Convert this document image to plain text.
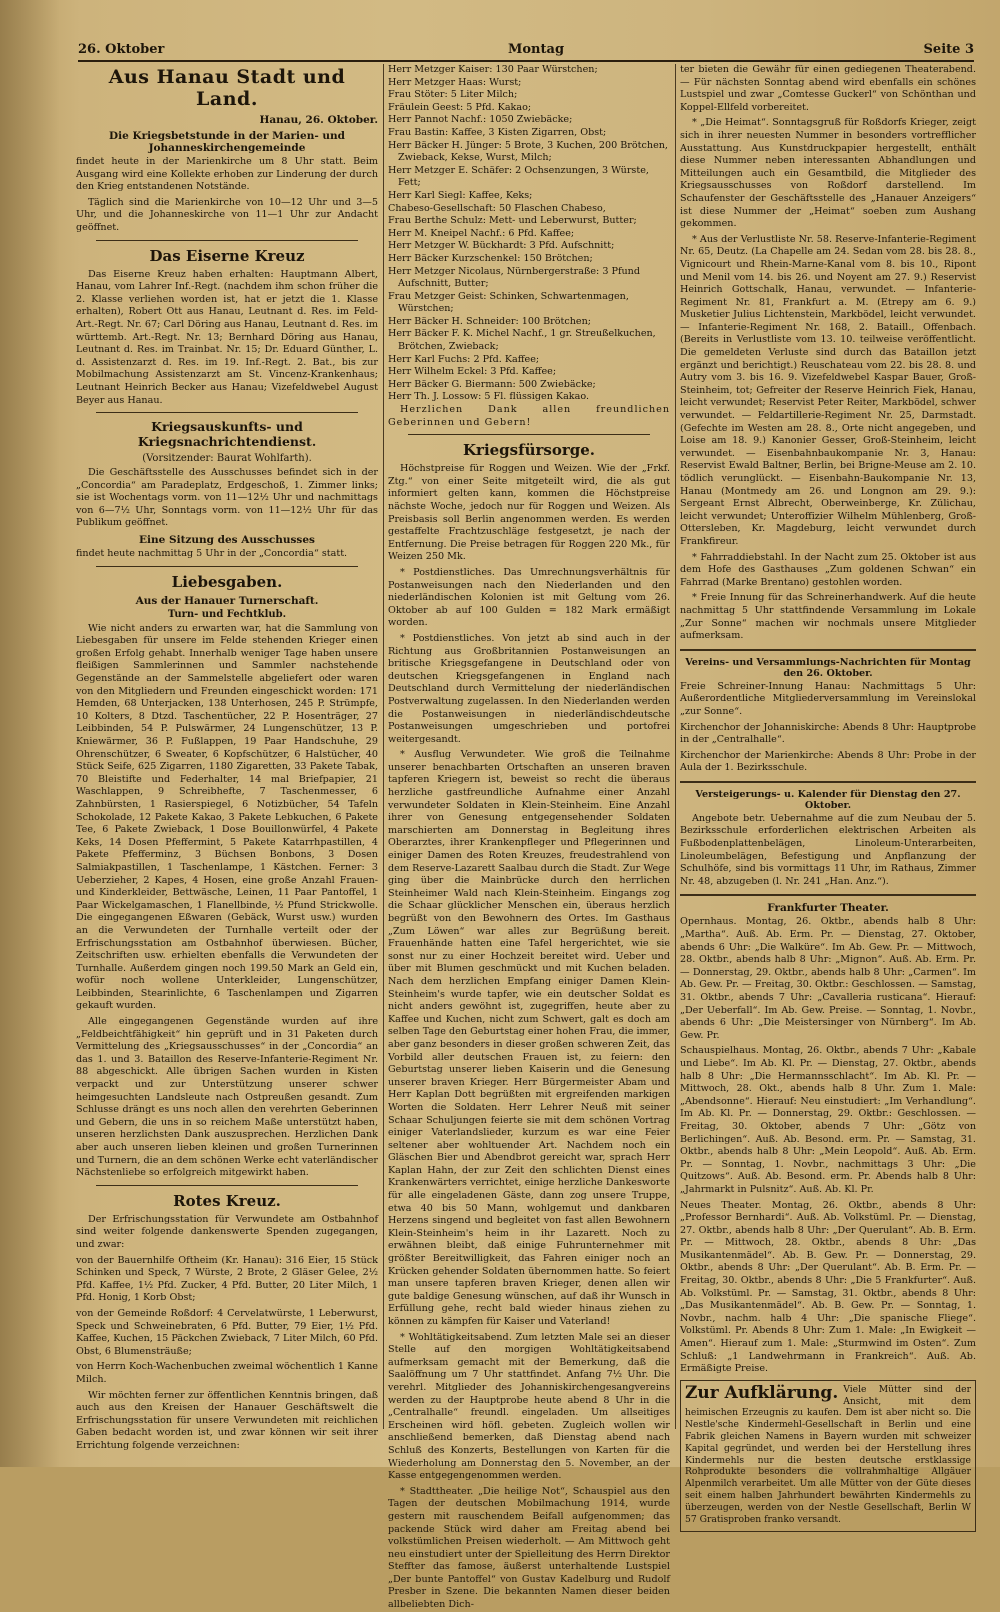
26. Oktober	Montag	Seite 3
Aus Hanau Stadt und Land.
Hanau, 26. Oktober.
Die Kriegsbetstunde in der Marien- und Johanneskirchengemeinde

findet heute in der Marienkirche um 8 Uhr statt. Beim Ausgang wird eine Kollekte erhoben zur Linderung der durch den Krieg entstandenen Notstände.

Täglich sind die Marienkirche von 10—12 Uhr und 3—5 Uhr, und die Johanneskirche von 11—1 Uhr zur Andacht geöffnet.

Das Eiserne Kreuz

Das Eiserne Kreuz haben erhalten: Hauptmann Albert, Hanau, vom Lahrer Inf.-Regt. (nachdem ihm schon früher die 2. Klasse verliehen worden ist, hat er jetzt die 1. Klasse erhalten), Robert Ott aus Hanau, Leutnant d. Res. im Feld-Art.-Regt. Nr. 67; Carl Döring aus Hanau, Leutnant d. Res. im württemb. Art.-Regt. Nr. 13; Bernhard Döring aus Hanau, Leutnant d. Res. im Trainbat. Nr. 15; Dr. Eduard Günther, L. d. Assistenzarzt d. Res. im 19. Inf.-Regt. 2. Bat., bis zur Mobilmachung Assistenzarzt am St. Vincenz-Krankenhaus; Leutnant Heinrich Becker aus Hanau; Vizefeldwebel August Beyer aus Hanau.

Kriegsauskunfts- und Kriegsnachrichtendienst.
(Vorsitzender: Baurat Wohlfarth).

Die Geschäftsstelle des Ausschusses befindet sich in der „Concordia“ am Paradeplatz, Erdgeschoß, 1. Zimmer links; sie ist Wochentags vorm. von 11—12½ Uhr und nachmittags von 6—7½ Uhr, Sonntags vorm. von 11—12½ Uhr für das Publikum geöffnet.

Eine Sitzung des Ausschusses

findet heute nachmittag 5 Uhr in der „Concordia“ statt.

Liebesgaben.
Aus der Hanauer Turnerschaft.
Turn- und Fechtklub.

Wie nicht anders zu erwarten war, hat die Sammlung von Liebesgaben für unsere im Felde stehenden Krieger einen großen Erfolg gehabt. Innerhalb weniger Tage haben unsere fleißigen Sammlerinnen und Sammler nachstehende Gegenstände an der Sammelstelle abgeliefert oder waren von den Mitgliedern und Freunden eingeschickt worden: 171 Hemden, 68 Unterjacken, 138 Unterhosen, 245 P. Strümpfe, 10 Kolters, 8 Dtzd. Taschentücher, 22 P. Hosenträger, 27 Leibbinden, 54 P. Pulswärmer, 24 Lungenschützer, 13 P. Kniewärmer, 36 P. Fußlappen, 19 Paar Handschuhe, 29 Ohrenschützer, 6 Sweater, 6 Kopfschützer, 6 Halstücher, 40 Stück Seife, 625 Zigarren, 1180 Zigaretten, 33 Pakete Tabak, 70 Bleistifte und Federhalter, 14 mal Briefpapier, 21 Waschlappen, 9 Schreibhefte, 7 Taschenmesser, 6 Zahnbürsten, 1 Rasierspiegel, 6 Notizbücher, 54 Tafeln Schokolade, 12 Pakete Kakao, 3 Pakete Lebkuchen, 6 Pakete Tee, 6 Pakete Zwieback, 1 Dose Bouillonwürfel, 4 Pakete Keks, 14 Dosen Pfeffermint, 5 Pakete Katarrhpastillen, 4 Pakete Pfefferminz, 3 Büchsen Bonbons, 3 Dosen Salmiakpastillen, 1 Taschenlampe, 1 Kästchen. Ferner: 3 Ueberzieher, 2 Kapes, 4 Hosen, eine große Anzahl Frauen- und Kinderkleider, Bettwäsche, Leinen, 11 Paar Pantoffel, 1 Paar Wickelgamaschen, 1 Flanellbinde, ½ Pfund Strickwolle. Die eingegangenen Eßwaren (Gebäck, Wurst usw.) wurden an die Verwundeten der Turnhalle verteilt oder der Erfrischungsstation am Ostbahnhof überwiesen. Bücher, Zeitschriften usw. erhielten ebenfalls die Verwundeten der Turnhalle. Außerdem gingen noch 199.50 Mark an Geld ein, wofür noch wollene Unterkleider, Lungenschützer, Leibbinden, Stearinlichte, 6 Taschenlampen und Zigarren gekauft wurden.

Alle eingegangenen Gegenstände wurden auf ihre „Feldbeichtfähigkeit“ hin geprüft und in 31 Paketen durch Vermittelung des „Kriegsausschusses“ in der „Concordia“ an das 1. und 3. Bataillon des Reserve-Infanterie-Regiment Nr. 88 abgeschickt. Alle übrigen Sachen wurden in Kisten verpackt und zur Unterstützung unserer schwer heimgesuchten Landsleute nach Ostpreußen gesandt. Zum Schlusse drängt es uns noch allen den verehrten Geberinnen und Gebern, die uns in so reichem Maße unterstützt haben, unseren herzlichsten Dank auszusprechen. Herzlichen Dank aber auch unseren lieben kleinen und großen Turnerinnen und Turnern, die an dem schönen Werke echt vaterländischer Nächstenliebe so erfolgreich mitgewirkt haben.

Rotes Kreuz.

Der Erfrischungsstation für Verwundete am Ostbahnhof sind weiter folgende dankenswerte Spenden zugegangen, und zwar:

von der Bauernhilfe Oftheim (Kr. Hanau): 316 Eier, 15 Stück Schinken und Speck, 7 Würste, 2 Brote, 2 Gläser Gelee, 2½ Pfd. Kaffee, 1½ Pfd. Zucker, 4 Pfd. Butter, 20 Liter Milch, 1 Pfd. Honig, 1 Korb Obst;

von der Gemeinde Roßdorf: 4 Cervelatwürste, 1 Leberwurst, Speck und Schweinebraten, 6 Pfd. Butter, 79 Eier, 1½ Pfd. Kaffee, Kuchen, 15 Päckchen Zwieback, 7 Liter Milch, 60 Pfd. Obst, 6 Blumensträuße;

von Herrn Koch-Wachenbuchen zweimal wöchentlich 1 Kanne Milch.

Wir möchten ferner zur öffentlichen Kenntnis bringen, daß auch aus den Kreisen der Hanauer Geschäftswelt die Erfrischungsstation für unsere Verwundeten mit reichlichen Gaben bedacht worden ist, und zwar können wir seit ihrer Errichtung folgende verzeichnen:

Herr Metzger Kaiser: 130 Paar Würstchen;

Herr Metzger Haas: Wurst;

Frau Stöter: 5 Liter Milch;

Fräulein Geest: 5 Pfd. Kakao;

Herr Pannot Nachf.: 1050 Zwiebäcke;

Frau Bastin: Kaffee, 3 Kisten Zigarren, Obst;

Herr Bäcker H. Jünger: 5 Brote, 3 Kuchen, 200 Brötchen, Zwieback, Kekse, Wurst, Milch;

Herr Metzger E. Schäfer: 2 Ochsenzungen, 3 Würste, Fett;

Herr Karl Siegl: Kaffee, Keks;

Chabeso-Gesellschaft: 50 Flaschen Chabeso,

Frau Berthe Schulz: Mett- und Leberwurst, Butter;

Herr M. Kneipel Nachf.: 6 Pfd. Kaffee;

Herr Metzger W. Bückhardt: 3 Pfd. Aufschnitt;

Herr Bäcker Kurzschenkel: 150 Brötchen;

Herr Metzger Nicolaus, Nürnbergerstraße: 3 Pfund Aufschnitt, Butter;

Frau Metzger Geist: Schinken, Schwartenmagen, Würstchen;

Herr Bäcker H. Schneider: 100 Brötchen;

Herr Bäcker F. K. Michel Nachf., 1 gr. Streußelkuchen, Brötchen, Zwieback;

Herr Karl Fuchs: 2 Pfd. Kaffee;

Herr Wilhelm Eckel: 3 Pfd. Kaffee;

Herr Bäcker G. Biermann: 500 Zwiebäcke;

Herr Th. J. Lossow: 5 Fl. flüssigen Kakao.

Herzlichen Dank allen freundlichen Geberinnen und Gebern!

Kriegsfürsorge.

Höchstpreise für Roggen und Weizen. Wie der „Frkf. Ztg.“ von einer Seite mitgeteilt wird, die als gut informiert gelten kann, kommen die Höchstpreise nächste Woche, jedoch nur für Roggen und Weizen. Als Preisbasis soll Berlin angenommen werden. Es werden gestaffelte Frachtzuschläge festgesetzt, je nach der Entfernung. Die Preise betragen für Roggen 220 Mk., für Weizen 250 Mk.

* Postdienstliches. Das Umrechnungsverhältnis für Postanweisungen nach den Niederlanden und den niederländischen Kolonien ist mit Geltung vom 26. Oktober ab auf 100 Gulden = 182 Mark ermäßigt worden.

* Postdienstliches. Von jetzt ab sind auch in der Richtung aus Großbritannien Postanweisungen an britische Kriegsgefangene in Deutschland oder von deutschen Kriegsgefangenen in England nach Deutschland durch Vermittelung der niederländischen Postverwaltung zugelassen. In den Niederlanden werden die Postanweisungen in niederländischdeutsche Postanweisungen umgeschrieben und portofrei weitergesandt.

* Ausflug Verwundeter. Wie groß die Teilnahme unserer benachbarten Ortschaften an unseren braven tapferen Kriegern ist, beweist so recht die überaus herzliche gastfreundliche Aufnahme einer Anzahl verwundeter Soldaten in Klein-Steinheim. Eine Anzahl ihrer von Genesung entgegensehender Soldaten marschierten am Donnerstag in Begleitung ihres Oberarztes, ihrer Krankenpfleger und Pflegerinnen und einiger Damen des Roten Kreuzes, freudestrahlend von dem Reserve-Lazarett Saalbau durch die Stadt. Zur Wege ging über die Mainbrücke durch den herrlichen Steinheimer Wald nach Klein-Steinheim. Eingangs zog die Schaar glücklicher Menschen ein, überaus herzlich begrüßt von den Bewohnern des Ortes. Im Gasthaus „Zum Löwen“ war alles zur Begrüßung bereit. Frauenhände hatten eine Tafel hergerichtet, wie sie sonst nur zu einer Hochzeit bereitet wird. Ueber und über mit Blumen geschmückt und mit Kuchen beladen. Nach dem herzlichen Empfang einiger Damen Klein-Steinheim's wurde tapfer, wie ein deutscher Soldat es nicht anders gewöhnt ist, zugegriffen, heute aber zu Kaffee und Kuchen, nicht zum Schwert, galt es doch am selben Tage den Geburtstag einer hohen Frau, die immer, aber ganz besonders in dieser großen schweren Zeit, das Vorbild aller deutschen Frauen ist, zu feiern: den Geburtstag unserer lieben Kaiserin und die Genesung unserer braven Krieger. Herr Bürgermeister Abam und Herr Kaplan Dott begrüßten mit ergreifenden markigen Worten die Soldaten. Herr Lehrer Neuß mit seiner Schaar Schuljungen feierte sie mit dem schönen Vortrag einiger Vaterlandslieder, kurzum es war eine Feier seltener aber wohltuender Art. Nachdem noch ein Gläschen Bier und Abendbrot gereicht war, sprach Herr Kaplan Hahn, der zur Zeit den schlichten Dienst eines Krankenwärters verrichtet, einige herzliche Dankesworte für alle eingeladenen Gäste, dann zog unsere Truppe, etwa 40 bis 50 Mann, wohlgemut und dankbaren Herzens singend und begleitet von fast allen Bewohnern Klein-Steinheim's heim in ihr Lazarett. Noch zu erwähnen bleibt, daß einige Fuhrunternehmer mit größter Bereitwilligkeit, das Fahren einiger noch an Krücken gehender Soldaten übernommen hatte. So feiert man unsere tapferen braven Krieger, denen allen wir gute baldige Genesung wünschen, auf daß ihr Wunsch in Erfüllung gehe, recht bald wieder hinaus ziehen zu können zu kämpfen für Kaiser und Vaterland!

* Wohltätigkeitsabend. Zum letzten Male sei an dieser Stelle auf den morgigen Wohltätigkeitsabend aufmerksam gemacht mit der Bemerkung, daß die Saalöffnung um 7 Uhr stattfindet. Anfang 7½ Uhr. Die verehrl. Mitglieder des Johanniskirchengesangvereins werden zu der Hauptprobe heute abend 8 Uhr in die „Centralhalle“ freundl. eingeladen. Um allseitiges Erscheinen wird höfl. gebeten. Zugleich wollen wir anschließend bemerken, daß Dienstag abend nach Schluß des Konzerts, Bestellungen von Karten für die Wiederholung am Donnerstag den 5. November, an der Kasse entgegengenommen werden.

* Stadttheater. „Die heilige Not“, Schauspiel aus den Tagen der deutschen Mobilmachung 1914, wurde gestern mit rauschendem Beifall aufgenommen; das packende Stück wird daher am Freitag abend bei volkstümlichen Preisen wiederholt. — Am Mittwoch geht neu einstudiert unter der Spielleitung des Herrn Direktor Steffter das famose, äußerst unterhaltende Lustspiel „Der bunte Pantoffel“ von Gustav Kadelburg und Rudolf Presber in Szene. Die bekannten Namen dieser beiden allbeliebten Dich-

ter bieten die Gewähr für einen gediegenen Theaterabend. — Für nächsten Sonntag abend wird ebenfalls ein schönes Lustspiel und zwar „Comtesse Guckerl“ von Schönthan und Koppel-Ellfeld vorbereitet.

* „Die Heimat“. Sonntagsgruß für Roßdorfs Krieger, zeigt sich in ihrer neuesten Nummer in besonders vortrefflicher Ausstattung. Aus Kunstdruckpapier hergestellt, enthält diese Nummer neben interessanten Abhandlungen und Mitteilungen auch ein Gesamtbild, die Mitglieder des Kriegsausschusses von Roßdorf darstellend. Im Schaufenster der Geschäftsstelle des „Hanauer Anzeigers“ ist diese Nummer der „Heimat“ soeben zum Aushang gekommen.

* Aus der Verlustliste Nr. 58. Reserve-Infanterie-Regiment Nr. 65, Deutz. (La Chapelle am 24. Sedan vom 28. bis 28. 8., Vignicourt und Rhein-Marne-Kanal vom 8. bis 10., Ripont und Menil vom 14. bis 26. und Noyent am 27. 9.) Reservist Heinrich Gottschalk, Hanau, verwundet. — Infanterie-Regiment Nr. 81, Frankfurt a. M. (Etrepy am 6. 9.) Musketier Julius Lichtenstein, Markbödel, leicht verwundet. — Infanterie-Regiment Nr. 168, 2. Bataill., Offenbach. (Bereits in Verlustliste vom 13. 10. teilweise veröffentlicht. Die gemeldeten Verluste sind durch das Bataillon jetzt ergänzt und berichtigt.) Reuschateau vom 22. bis 28. 8. und Autry vom 3. bis 16. 9. Vizefeldwebel Kaspar Bauer, Groß-Steinheim, tot; Gefreiter der Reserve Heinrich Fiek, Hanau, leicht verwundet; Reservist Peter Reiter, Markbödel, schwer verwundet. — Feldartillerie-Regiment Nr. 25, Darmstadt. (Gefechte im Westen am 28. 8., Orte nicht angegeben, und Loise am 18. 9.) Kanonier Gesser, Groß-Steinheim, leicht verwundet. — Eisenbahnbaukompanie Nr. 3, Hanau: Reservist Ewald Baltner, Berlin, bei Brigne-Meuse am 2. 10. tödlich verunglückt. — Eisenbahn-Baukompanie Nr. 13, Hanau (Montmedy am 26. und Longnon am 29. 9.): Sergeant Ernst Albrecht, Oberweinberge, Kr. Zülichau, leicht verwundet; Unteroffizier Wilhelm Mühlenberg, Groß-Ottersleben, Kr. Magdeburg, leicht verwundet durch Frankfireur.

* Fahrraddiebstahl. In der Nacht zum 25. Oktober ist aus dem Hofe des Gasthauses „Zum goldenen Schwan“ ein Fahrrad (Marke Brentano) gestohlen worden.

* Freie Innung für das Schreinerhandwerk. Auf die heute nachmittag 5 Uhr stattfindende Versammlung im Lokale „Zur Sonne“ machen wir nochmals unsere Mitglieder aufmerksam.

Vereins- und Versammlungs-Nachrichten für Montag den 26. Oktober.

Freie Schreiner-Innung Hanau: Nachmittags 5 Uhr: Außerordentliche Mitgliederversammlung im Vereinslokal „zur Sonne“.

Kirchenchor der Johanniskirche: Abends 8 Uhr: Hauptprobe in der „Centralhalle“.

Kirchenchor der Marienkirche: Abends 8 Uhr: Probe in der Aula der 1. Bezirksschule.

Versteigerungs- u. Kalender für Dienstag den 27. Oktober.

Angebote betr. Uebernahme auf die zum Neubau der 5. Bezirksschule erforderlichen elektrischen Arbeiten als Fußbodenplattenbelägen, Linoleum-Unterarbeiten, Linoleumbelägen, Befestigung und Anpflanzung der Schulhöfe, sind bis vormittags 11 Uhr, im Rathaus, Zimmer Nr. 48, abzugeben (l. Nr. 241 „Han. Anz.“).

Frankfurter Theater.

Opernhaus. Montag, 26. Oktbr., abends halb 8 Uhr: „Martha“. Auß. Ab. Erm. Pr. — Dienstag, 27. Oktober, abends 6 Uhr: „Die Walküre“. Im Ab. Gew. Pr. — Mittwoch, 28. Oktbr., abends halb 8 Uhr: „Mignon“. Auß. Ab. Erm. Pr. — Donnerstag, 29. Oktbr., abends halb 8 Uhr: „Carmen“. Im Ab. Gew. Pr. — Freitag, 30. Oktbr.: Geschlossen. — Samstag, 31. Oktbr., abends 7 Uhr: „Cavalleria rusticana“. Hierauf: „Der Ueberfall“. Im Ab. Gew. Preise. — Sonntag, 1. Novbr., abends 6 Uhr: „Die Meistersinger von Nürnberg“. Im Ab. Gew. Pr.

Schauspielhaus. Montag, 26. Oktbr., abends 7 Uhr: „Kabale und Liebe“. Im Ab. Kl. Pr. — Dienstag, 27. Oktbr., abends halb 8 Uhr: „Die Hermannsschlacht“. Im Ab. Kl. Pr. — Mittwoch, 28. Okt., abends halb 8 Uhr. Zum 1. Male: „Abendsonne“. Hierauf: Neu einstudiert: „Im Verhandlung“. Im Ab. Kl. Pr. — Donnerstag, 29. Oktbr.: Geschlossen. — Freitag, 30. Oktober, abends 7 Uhr: „Götz von Berlichingen“. Auß. Ab. Besond. erm. Pr. — Samstag, 31. Oktbr., abends halb 8 Uhr: „Mein Leopold“. Auß. Ab. Erm. Pr. — Sonntag, 1. Novbr., nachmittags 3 Uhr: „Die Quitzows“. Auß. Ab. Besond. erm. Pr. Abends halb 8 Uhr: „Jahrmarkt in Pulsnitz“. Auß. Ab. Kl. Pr.

Neues Theater. Montag, 26. Oktbr., abends 8 Uhr: „Professor Bernhardi“. Auß. Ab. Volkstüml. Pr. — Dienstag, 27. Oktbr., abends halb 8 Uhr: „Der Querulant“. Ab. B. Erm. Pr. — Mittwoch, 28. Oktbr., abends 8 Uhr: „Das Musikantenmädel“. Ab. B. Gew. Pr. — Donnerstag, 29. Oktbr., abends 8 Uhr: „Der Querulant“. Ab. B. Erm. Pr. — Freitag, 30. Oktbr., abends 8 Uhr: „Die 5 Frankfurter“. Auß. Ab. Volkstüml. Pr. — Samstag, 31. Oktbr., abends 8 Uhr: „Das Musikantenmädel“. Ab. B. Gew. Pr. — Sonntag, 1. Novbr., nachm. halb 4 Uhr: „Die spanische Fliege“. Volkstüml. Pr. Abends 8 Uhr: Zum 1. Male: „In Ewigkeit — Amen“. Hierauf zum 1. Male: „Sturmwind im Osten“. Zum Schluß: „1 Landwehrmann in Frankreich“. Auß. Ab. Ermäßigte Preise.

Zur Aufklärung. Viele Mütter sind der Ansicht, mit dem heimischen Erzeugnis zu kaufen. Dem ist aber nicht so. Die Nestle'sche Kindermehl-Gesellschaft in Berlin und eine Fabrik gleichen Namens in Bayern wurden mit schweizer Kapital gegründet, und werden bei der Herstellung ihres Kindermehls nur die besten deutsche erstklassige Rohprodukte besonders die vollrahmhaltige Allgäuer Alpenmilch verarbeitet. Um alle Mütter von der Güte dieses seit einem halben Jahrhundert bewährten Kindermehls zu überzeugen, werden von der Nestle Gesellschaft, Berlin W 57 Gratisproben franko versandt.
